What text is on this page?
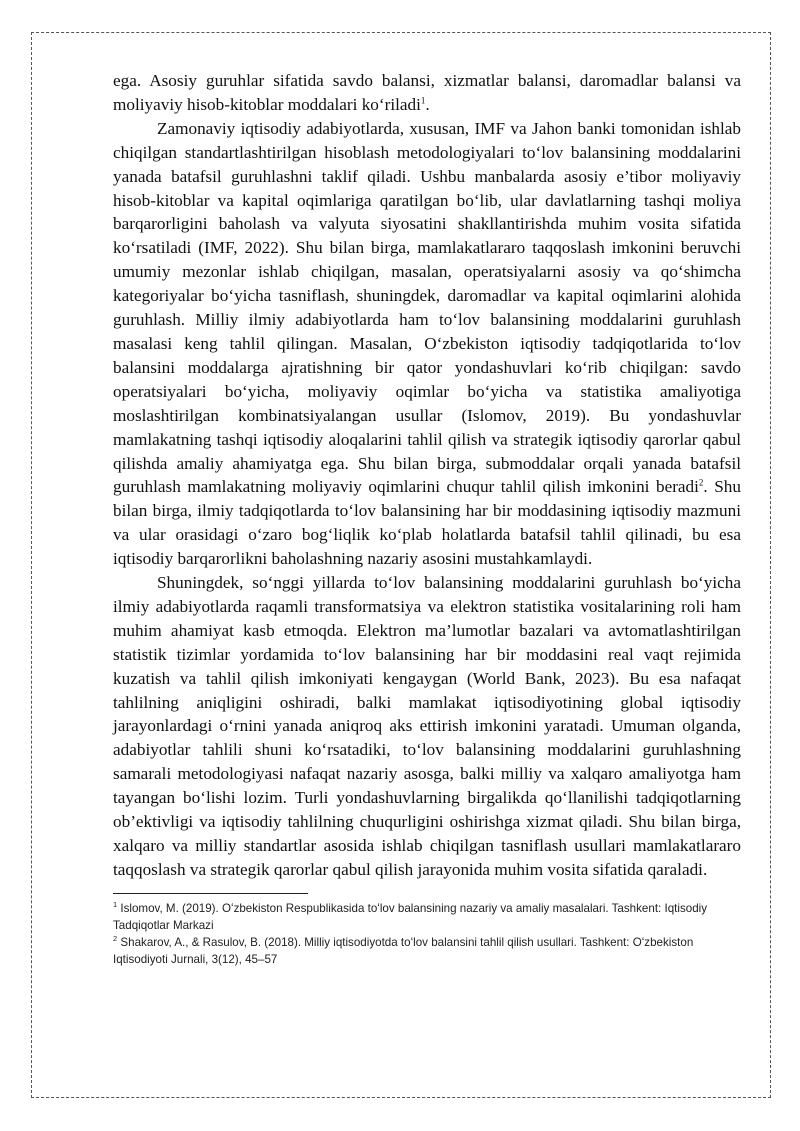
ega. Asosiy guruhlar sifatida savdo balansi, xizmatlar balansi, daromadlar balansi va moliyaviy hisob-kitoblar moddalari koʻriladi$^1$.

Zamonaviy iqtisodiy adabiyotlarda, xususan, IMF va Jahon banki tomonidan ishlab chiqilgan standartlashtirilgan hisoblash metodologiyalari toʻlov balansining moddalarini yanada batafsil guruhlashni taklif qiladi. Ushbu manbalarda asosiy e’tibor moliyaviy hisob-kitoblar va kapital oqimlariga qaratilgan boʻlib, ular davlatlarning tashqi moliya barqarorligini baholash va valyuta siyosatini shakllantirishda muhim vosita sifatida koʻrsatiladi (IMF, 2022). Shu bilan birga, mamlakatlararo taqqoslash imkonini beruvchi umumiy mezonlar ishlab chiqilgan, masalan, operatsiyalarni asosiy va qoʻshimcha kategoriyalar boʻyicha tasniflash, shuningdek, daromadlar va kapital oqimlarini alohida guruhlash. Milliy ilmiy adabiyotlarda ham toʻlov balansining moddalarini guruhlash masalasi keng tahlil qilingan. Masalan, Oʻzbekiston iqtisodiy tadqiqotlarida toʻlov balansini moddalarga ajratishning bir qator yondashuvlari koʻrib chiqilgan: savdo operatsiyalari boʻyicha, moliyaviy oqimlar boʻyicha va statistika amaliyotiga moslashtirilgan kombinatsiyalangan usullar (Islomov, 2019). Bu yondashuvlar mamlakatning tashqi iqtisodiy aloqalarini tahlil qilish va strategik iqtisodiy qarorlar qabul qilishda amaliy ahamiyatga ega. Shu bilan birga, submoddalar orqali yanada batafsil guruhlash mamlakatning moliyaviy oqimlarini chuqur tahlil qilish imkonini beradi$^2$. Shu bilan birga, ilmiy tadqiqotlarda toʻlov balansining har bir moddasining iqtisodiy mazmuni va ular orasidagi oʻzaro bogʻliqlik koʻplab holatlarda batafsil tahlil qilinadi, bu esa iqtisodiy barqarorlikni baholashning nazariy asosini mustahkamlaydi.

Shuningdek, soʻnggi yillarda toʻlov balansining moddalarini guruhlash boʻyicha ilmiy adabiyotlarda raqamli transformatsiya va elektron statistika vositalarining roli ham muhim ahamiyat kasb etmoqda. Elektron ma’lumotlar bazalari va avtomatlashtirilgan statistik tizimlar yordamida toʻlov balansining har bir moddasini real vaqt rejimida kuzatish va tahlil qilish imkoniyati kengaygan (World Bank, 2023). Bu esa nafaqat tahlilning aniqligini oshiradi, balki mamlakat iqtisodiyotining global iqtisodiy jarayonlardagi oʻrnini yanada aniqroq aks ettirish imkonini yaratadi. Umuman olganda, adabiyotlar tahlili shuni koʻrsatadiki, toʻlov balansining moddalarini guruhlashning samarali metodologiyasi nafaqat nazariy asosga, balki milliy va xalqaro amaliyotga ham tayangan boʻlishi lozim. Turli yondashuvlarning birgalikda qoʻllanilishi tadqiqotlarning ob’ektivligi va iqtisodiy tahlilning chuqurligini oshirishga xizmat qiladi. Shu bilan birga, xalqaro va milliy standartlar asosida ishlab chiqilgan tasniflash usullari mamlakatlararo taqqoslash va strategik qarorlar qabul qilish jarayonida muhim vosita sifatida qaraladi.

$^1$ Islomov, M. (2019). Oʻzbekiston Respublikasida toʻlov balansining nazariy va amaliy masalalari. Tashkent: Iqtisodiy Tadqiqotlar Markazi

$^2$ Shakarov, A., & Rasulov, B. (2018). Milliy iqtisodiyotda toʻlov balansini tahlil qilish usullari. Tashkent: Oʻzbekiston Iqtisodiyoti Jurnali, 3(12), 45–57
